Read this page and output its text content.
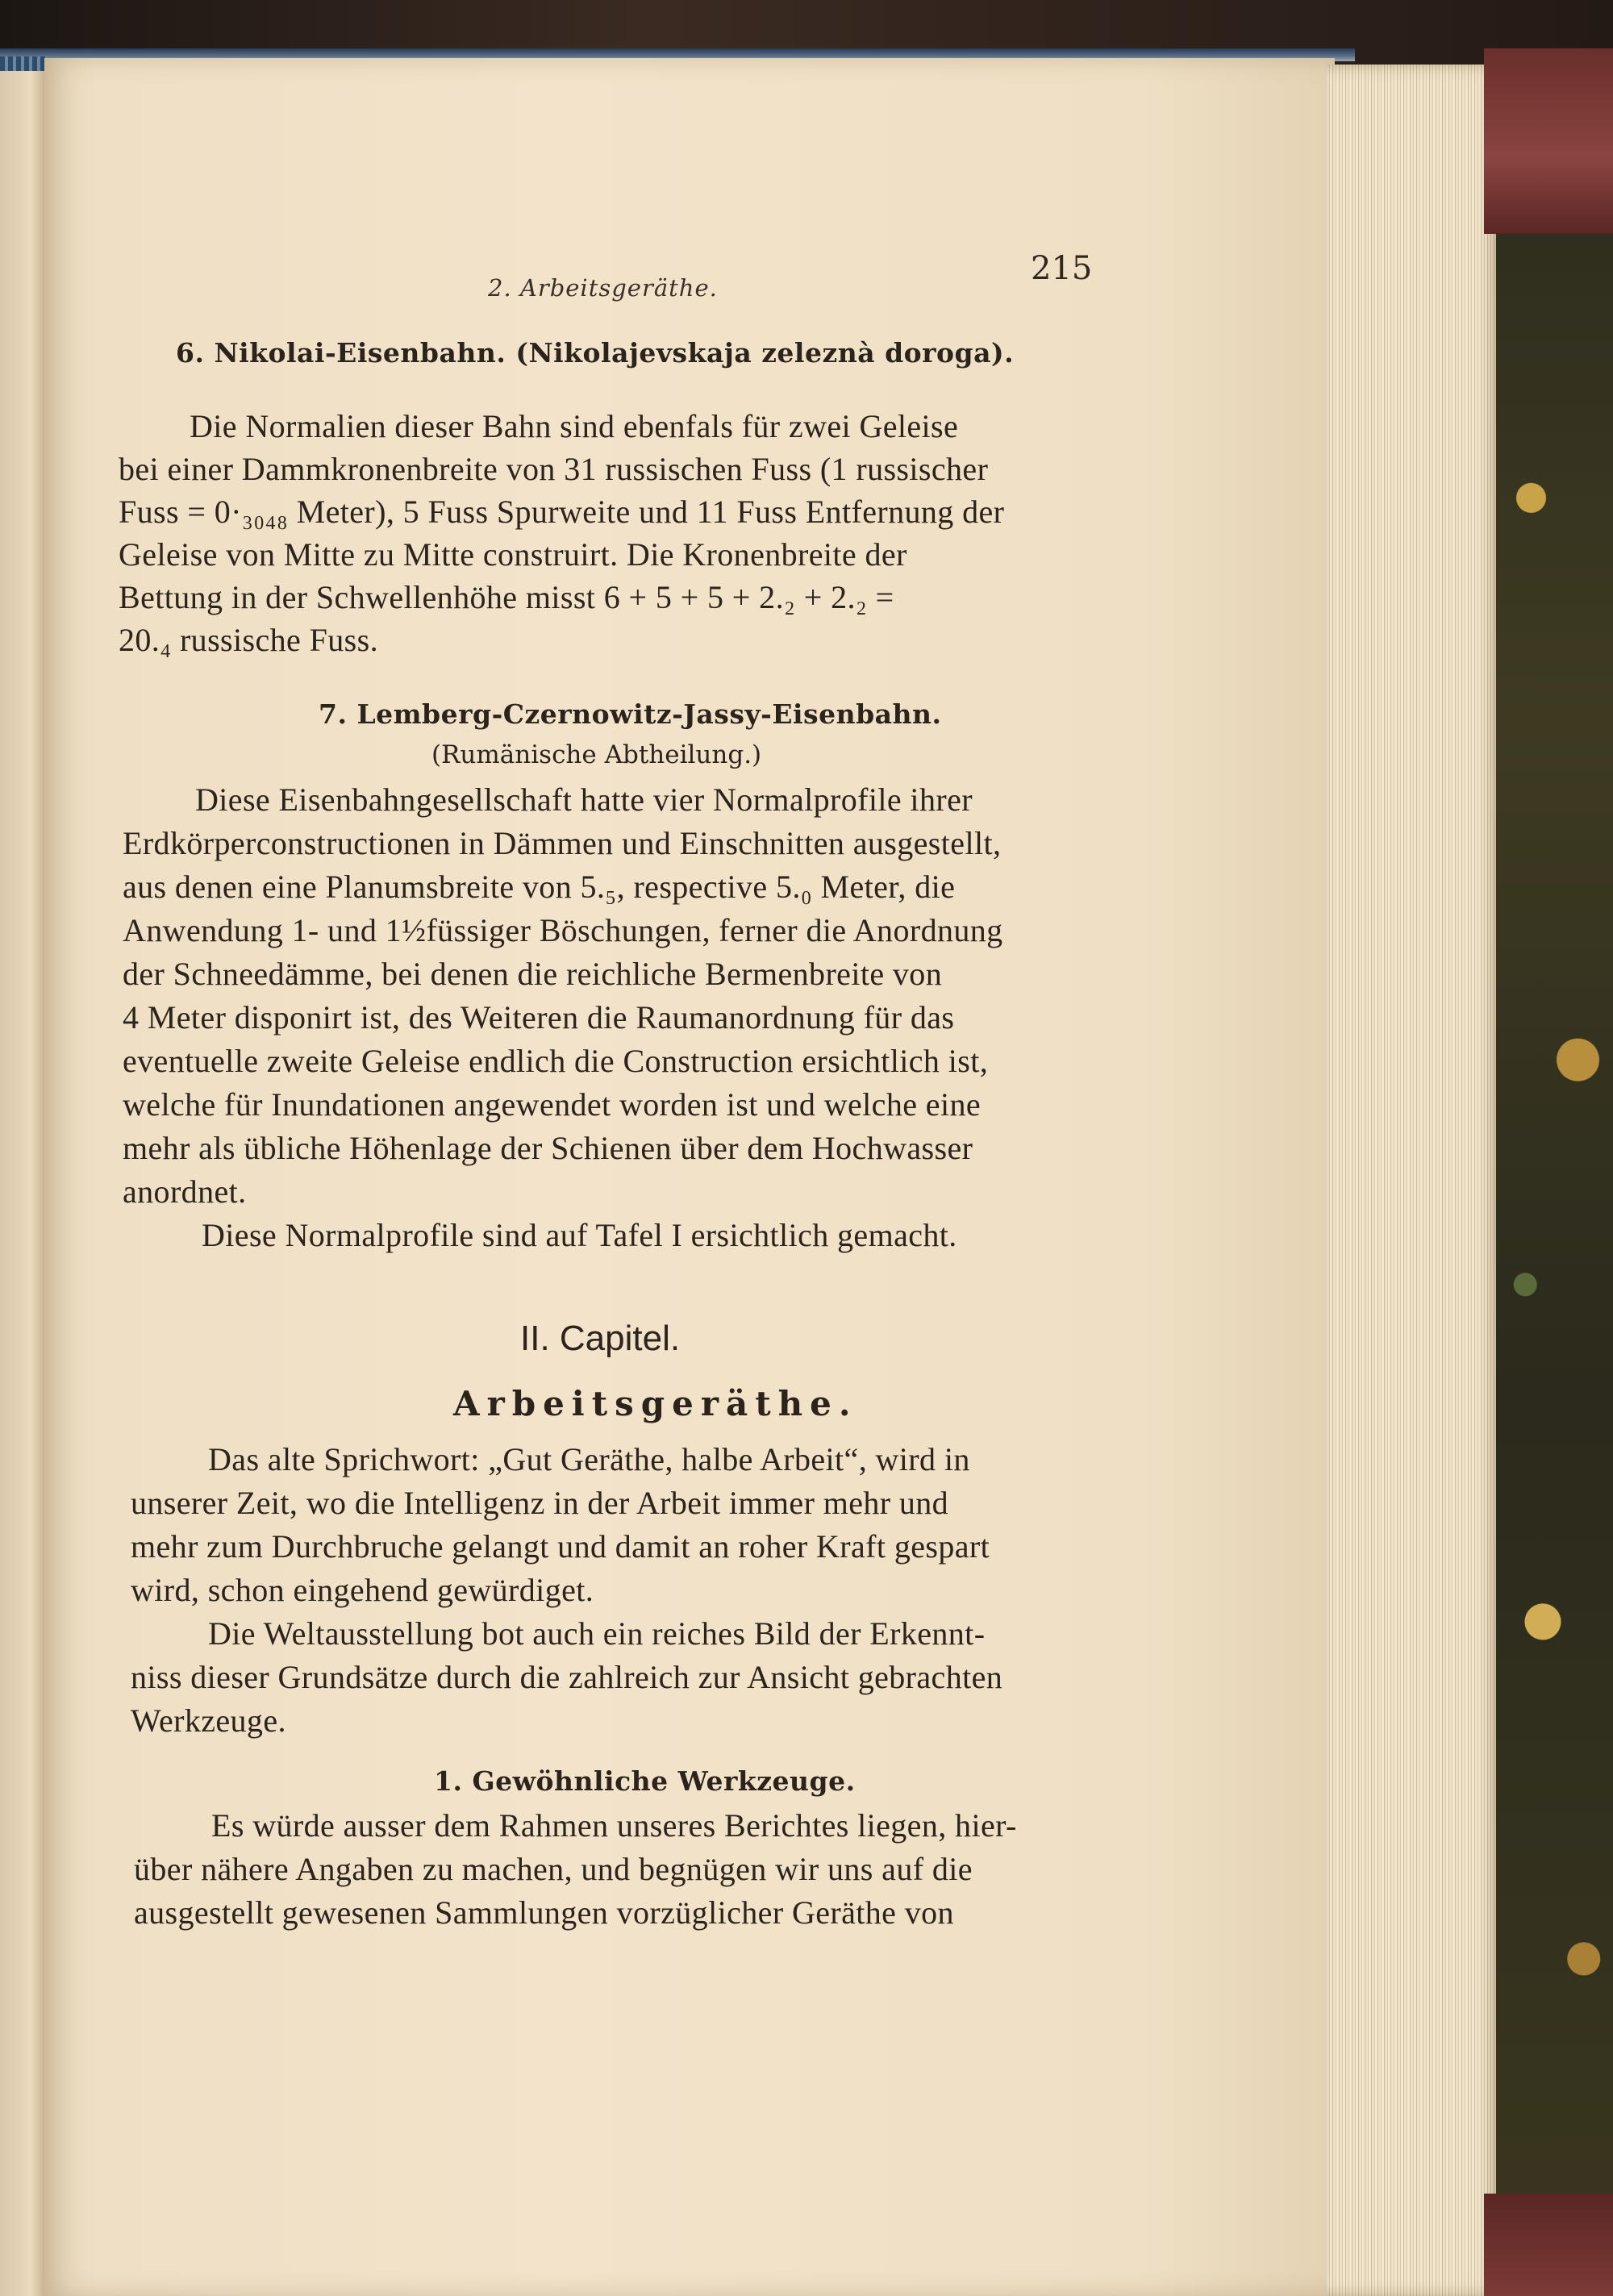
2. Arbeitsgeräthe.
215
6. Nikolai-Eisenbahn. (Nikolajevskaja zeleznà doroga).
Die Normalien dieser Bahn sind ebenfals für zwei Geleise
bei einer Dammkronenbreite von 31 russischen Fuss (1 russischer
Fuss = 0·₃₀₄₈ Meter), 5 Fuss Spurweite und 11 Fuss Entfernung der
Geleise von Mitte zu Mitte construirt. Die Kronenbreite der
Bettung in der Schwellenhöhe misst 6 + 5 + 5 + 2.₂ + 2.₂ =
20.₄ russische Fuss.
7. Lemberg-Czernowitz-Jassy-Eisenbahn.
(Rumänische Abtheilung.)
Diese Eisenbahngesellschaft hatte vier Normalprofile ihrer
Erdkörperconstructionen in Dämmen und Einschnitten ausgestellt,
aus denen eine Planumsbreite von 5.₅, respective 5.₀ Meter, die
Anwendung 1- und 1½füssiger Böschungen, ferner die Anordnung
der Schneedämme, bei denen die reichliche Bermenbreite von
4 Meter disponirt ist, des Weiteren die Raumanordnung für das
eventuelle zweite Geleise endlich die Construction ersichtlich ist,
welche für Inundationen angewendet worden ist und welche eine
mehr als übliche Höhenlage der Schienen über dem Hochwasser
anordnet.
Diese Normalprofile sind auf Tafel I ersichtlich gemacht.
II. Capitel.
Arbeitsgeräthe.
Das alte Sprichwort: „Gut Geräthe, halbe Arbeit“, wird in
unserer Zeit, wo die Intelligenz in der Arbeit immer mehr und
mehr zum Durchbruche gelangt und damit an roher Kraft gespart
wird, schon eingehend gewürdiget.
Die Weltausstellung bot auch ein reiches Bild der Erkennt-
niss dieser Grundsätze durch die zahlreich zur Ansicht gebrachten
Werkzeuge.
1. Gewöhnliche Werkzeuge.
Es würde ausser dem Rahmen unseres Berichtes liegen, hier-
über nähere Angaben zu machen, und begnügen wir uns auf die
ausgestellt gewesenen Sammlungen vorzüglicher Geräthe von
